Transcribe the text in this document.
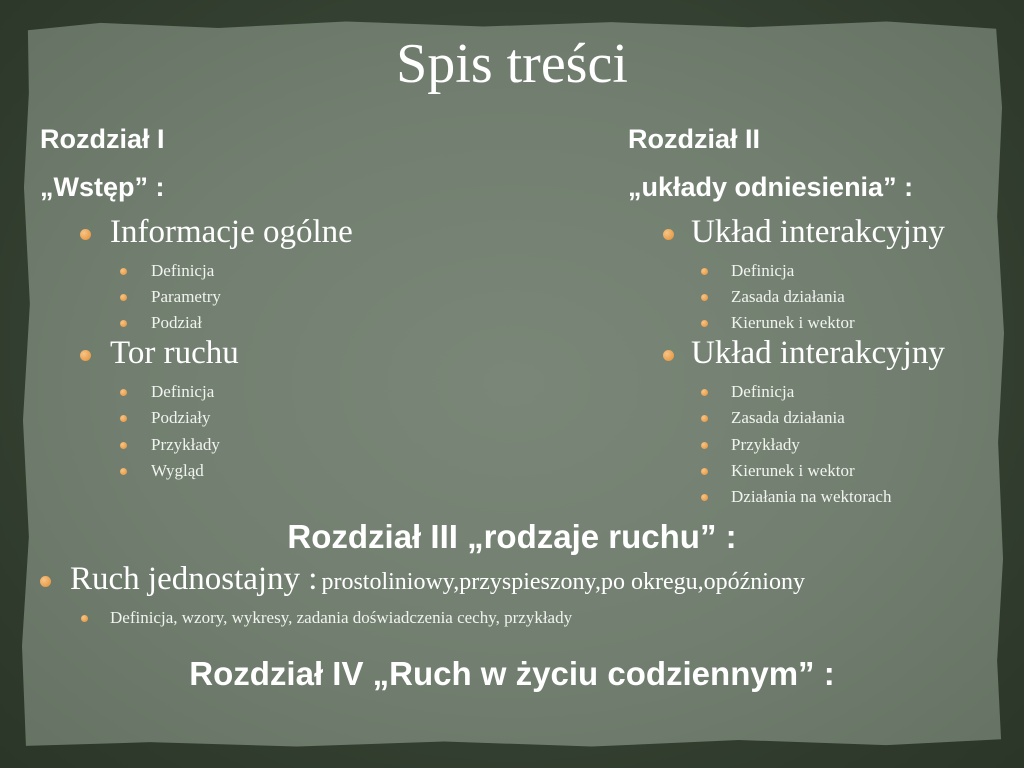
Spis treści
Rozdział I
„Wstęp” :
Informacje ogólne
Definicja
Parametry
Podział
Tor ruchu
Definicja
Podziały
Przykłady
Wygląd
Rozdział II
„układy odniesienia” :
Układ interakcyjny
Definicja
Zasada działania
Kierunek i wektor
Układ interakcyjny
Definicja
Zasada działania
Przykłady
Kierunek i wektor
Działania na wektorach
Rozdział III „rodzaje ruchu” :
Ruch jednostajny : prostoliniowy,przyspieszony,po okregu,opóźniony
Definicja, wzory, wykresy, zadania doświadczenia cechy, przykłady
Rozdział IV „Ruch w życiu codziennym” :
